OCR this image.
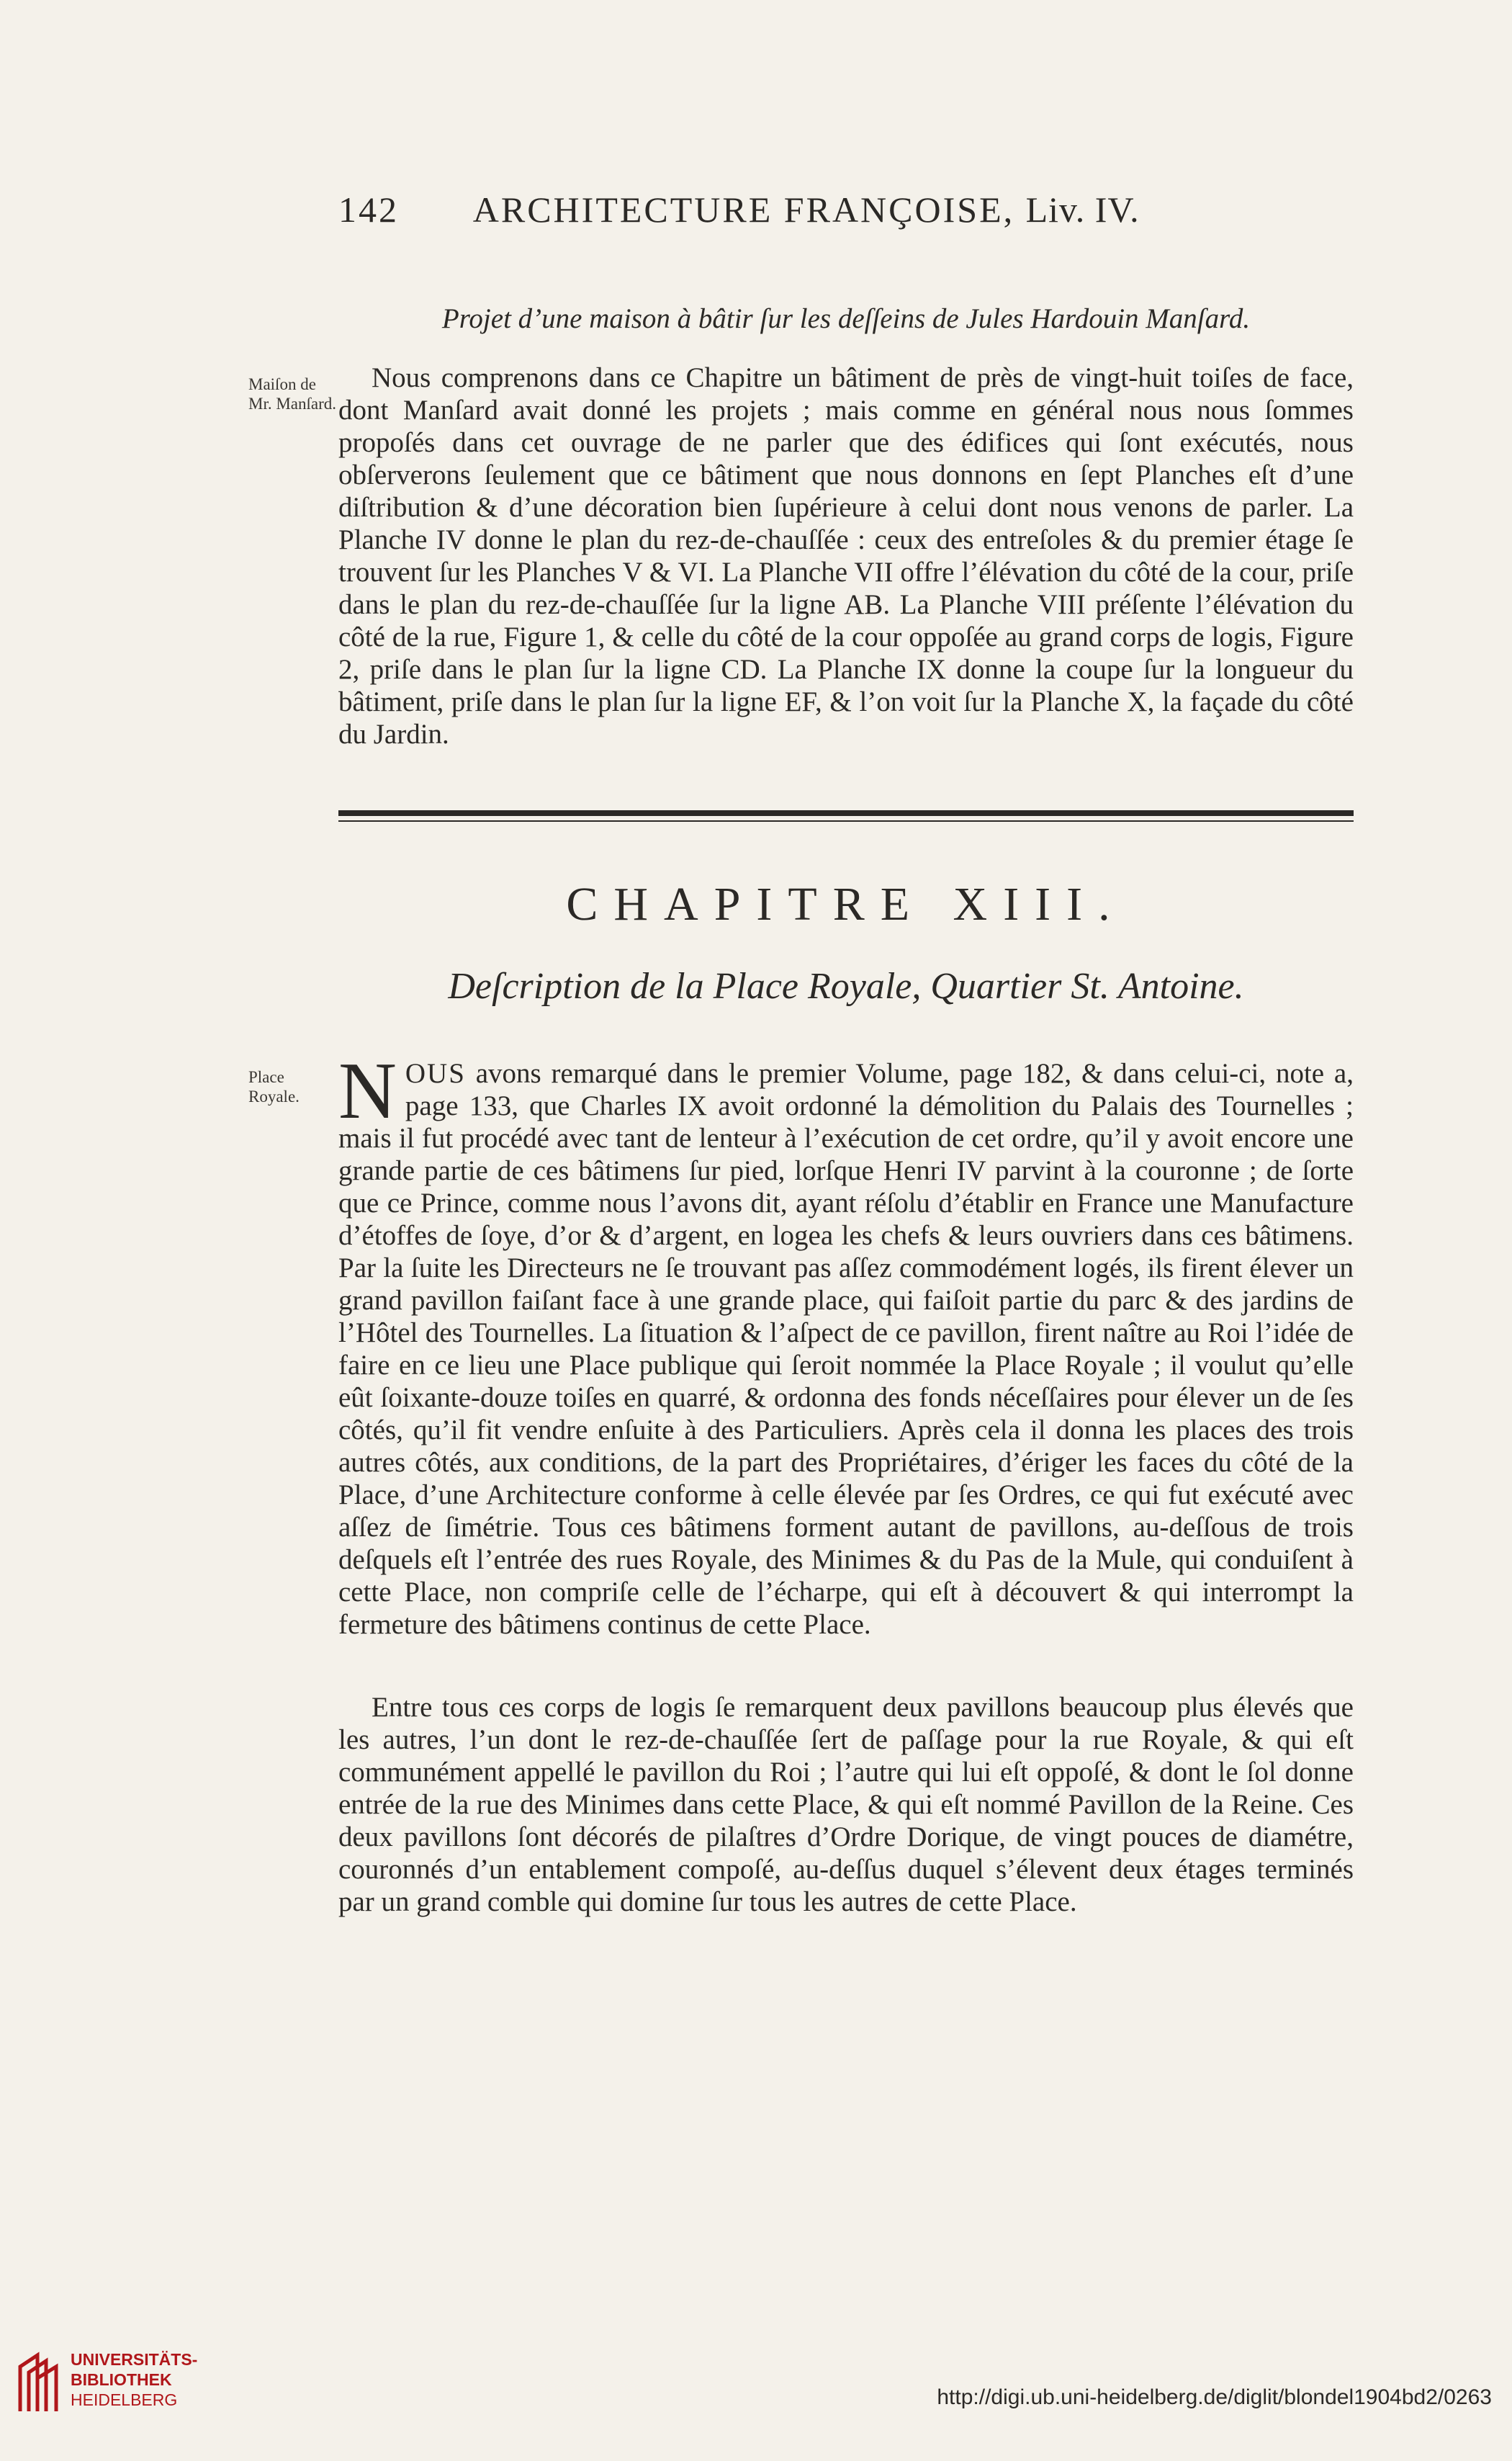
142 ARCHITECTURE FRANÇOISE, Liv. IV.
Projet d’une maison à bâtir ſur les deſſeins de Jules Hardouin Manſard.
Maiſon de Mr. Manſard.
Nous comprenons dans ce Chapitre un bâtiment de près de vingt-huit toiſes de face, dont Manſard avait donné les projets ; mais comme en général nous nous ſommes propoſés dans cet ouvrage de ne parler que des édifices qui ſont exécutés, nous obſerverons ſeulement que ce bâtiment que nous donnons en ſept Planches eſt d’une diſtribution & d’une décoration bien ſupérieure à celui dont nous venons de parler. La Planche IV donne le plan du rez-de-chauſſée : ceux des entreſoles & du premier étage ſe trouvent ſur les Planches V & VI. La Planche VII offre l’élévation du côté de la cour, priſe dans le plan du rez-de-chauſſée ſur la ligne AB. La Planche VIII préſente l’élévation du côté de la rue, Figure 1, & celle du côté de la cour oppoſée au grand corps de logis, Figure 2, priſe dans le plan ſur la ligne CD. La Planche IX donne la coupe ſur la longueur du bâtiment, priſe dans le plan ſur la ligne EF, & l’on voit ſur la Planche X, la façade du côté du Jardin.
CHAPITRE XIII.
Deſcription de la Place Royale, Quartier St. Antoine.
Place Royale. NOUS avons remarqué dans le premier Volume, page 182, & dans celui-ci, note a, page 133, que Charles IX avoit ordonné la démolition du Palais des Tournelles ; mais il fut procédé avec tant de lenteur à l’exécution de cet ordre, qu’il y avoit encore une grande partie de ces bâtimens ſur pied, lorſque Henri IV parvint à la couronne ; de ſorte que ce Prince, comme nous l’avons dit, ayant réſolu d’établir en France une Manufacture d’étoffes de ſoye, d’or & d’argent, en logea les chefs & leurs ouvriers dans ces bâtimens. Par la ſuite les Directeurs ne ſe trouvant pas aſſez commodément logés, ils firent élever un grand pavillon faiſant face à une grande place, qui faiſoit partie du parc & des jardins de l’Hôtel des Tournelles. La ſituation & l’aſpect de ce pavillon, firent naître au Roi l’idée de faire en ce lieu une Place publique qui ſeroit nommée la Place Royale ; il voulut qu’elle eût ſoixante-douze toiſes en quarré, & ordonna des fonds néceſſaires pour élever un de ſes côtés, qu’il fit vendre enſuite à des Particuliers. Après cela il donna les places des trois autres côtés, aux conditions, de la part des Propriétaires, d’ériger les faces du côté de la Place, d’une Architecture conforme à celle élevée par ſes Ordres, ce qui fut exécuté avec aſſez de ſimétrie. Tous ces bâtimens forment autant de pavillons, au-deſſous de trois deſquels eſt l’entrée des rues Royale, des Minimes & du Pas de la Mule, qui conduiſent à cette Place, non compriſe celle de l’écharpe, qui eſt à découvert & qui interrompt la fermeture des bâtimens continus de cette Place.
Entre tous ces corps de logis ſe remarquent deux pavillons beaucoup plus élevés que les autres, l’un dont le rez-de-chauſſée ſert de paſſage pour la rue Royale, & qui eſt communément appellé le pavillon du Roi ; l’autre qui lui eſt oppoſé, & dont le ſol donne entrée de la rue des Minimes dans cette Place, & qui eſt nommé Pavillon de la Reine. Ces deux pavillons ſont décorés de pilaſtres d’Ordre Dorique, de vingt pouces de diamétre, couronnés d’un entablement compoſé, au-deſſus duquel s’élevent deux étages terminés par un grand comble qui domine ſur tous les autres de cette Place.
UNIVERSITÄTS-
BIBLIOTHEK
HEIDELBERG	http://digi.ub.uni-heidelberg.de/diglit/blondel1904bd2/0263
